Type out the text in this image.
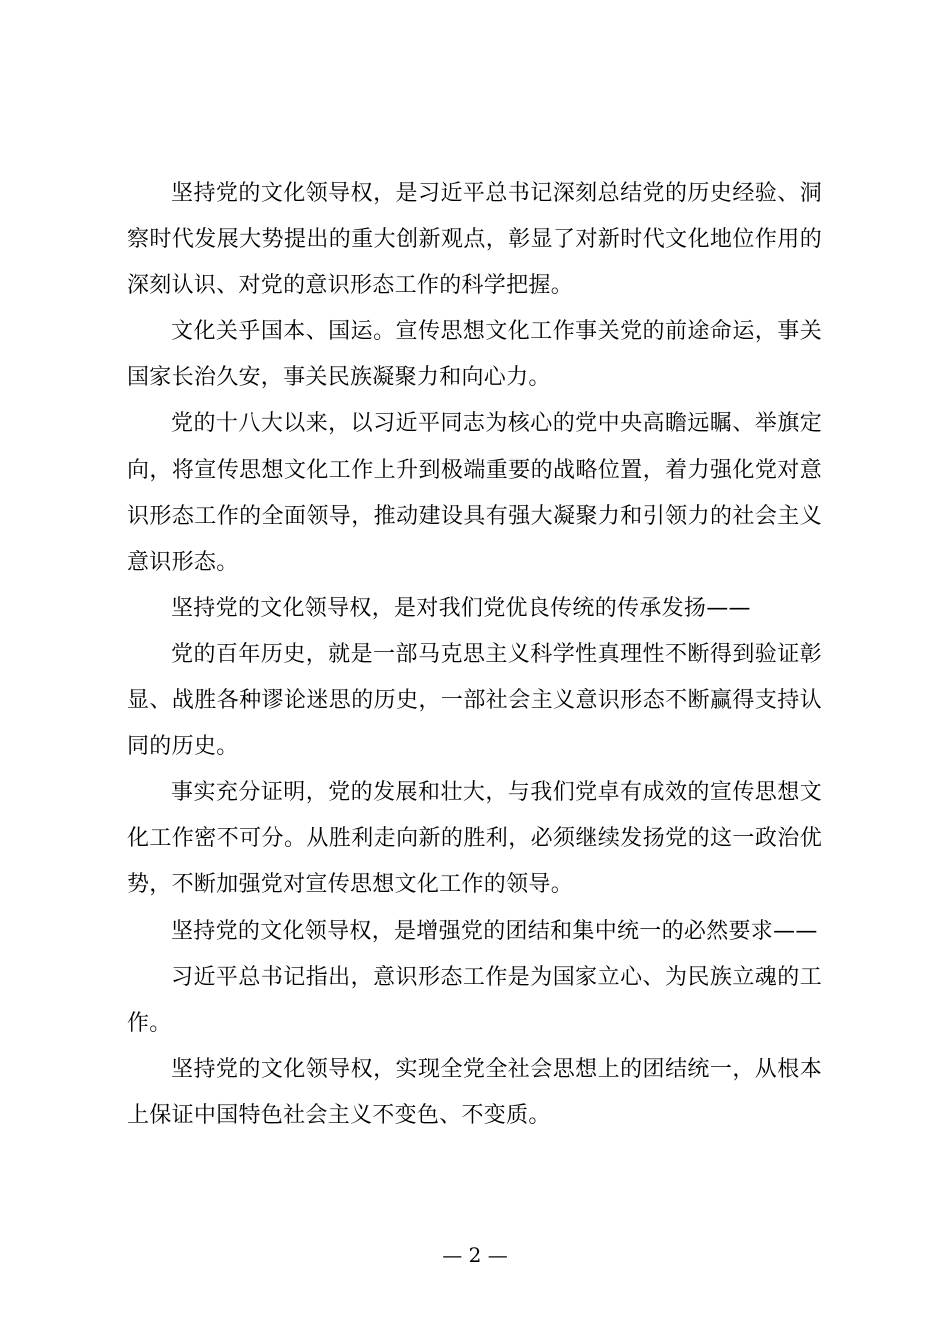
坚持党的文化领导权，是习近平总书记深刻总结党的历史经验、洞察时代发展大势提出的重大创新观点，彰显了对新时代文化地位作用的深刻认识、对党的意识形态工作的科学把握。

文化关乎国本、国运。宣传思想文化工作事关党的前途命运，事关国家长治久安，事关民族凝聚力和向心力。

党的十八大以来，以习近平同志为核心的党中央高瞻远瞩、举旗定向，将宣传思想文化工作上升到极端重要的战略位置，着力强化党对意识形态工作的全面领导，推动建设具有强大凝聚力和引领力的社会主义意识形态。

坚持党的文化领导权，是对我们党优良传统的传承发扬——

党的百年历史，就是一部马克思主义科学性真理性不断得到验证彰显、战胜各种谬论迷思的历史，一部社会主义意识形态不断赢得支持认同的历史。

事实充分证明，党的发展和壮大，与我们党卓有成效的宣传思想文化工作密不可分。从胜利走向新的胜利，必须继续发扬党的这一政治优势，不断加强党对宣传思想文化工作的领导。

坚持党的文化领导权，是增强党的团结和集中统一的必然要求——

习近平总书记指出，意识形态工作是为国家立心、为民族立魂的工作。

坚持党的文化领导权，实现全党全社会思想上的团结统一，从根本上保证中国特色社会主义不变色、不变质。

— 2 —
